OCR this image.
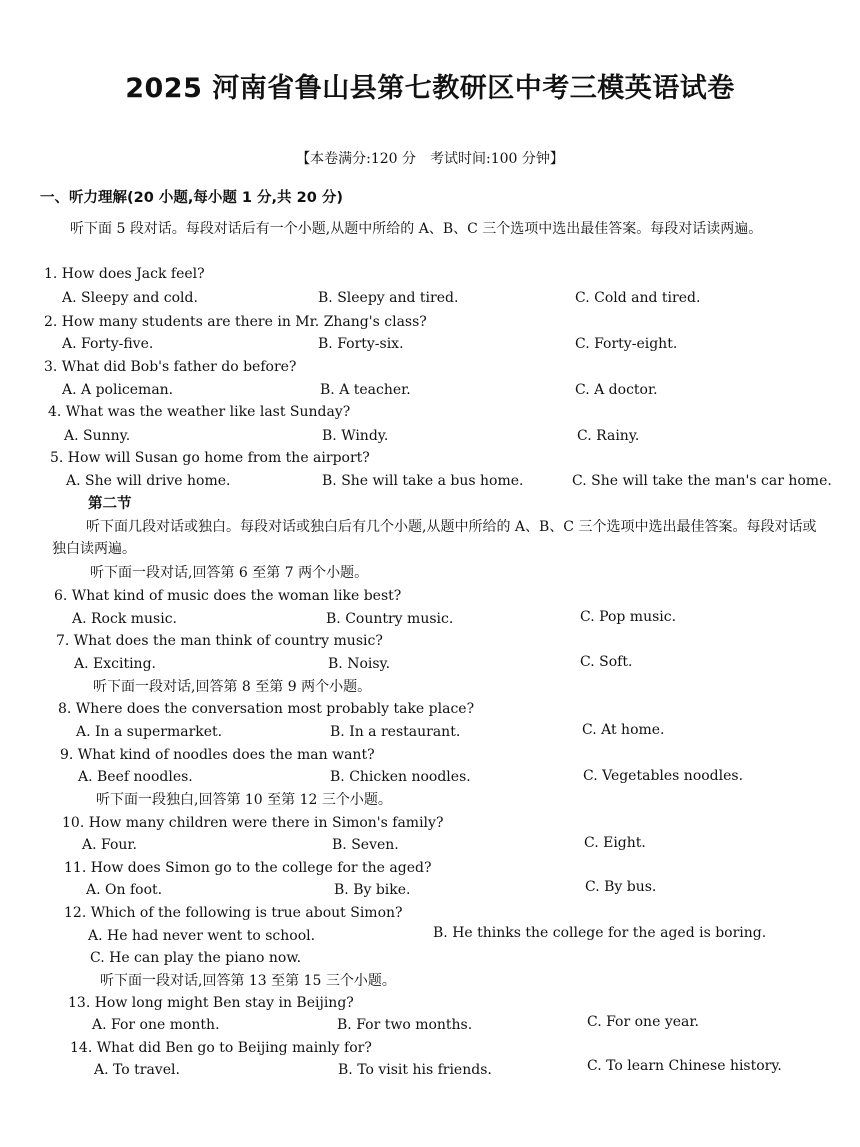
2025 河南省鲁山县第七教研区中考三模英语试卷
【本卷满分:120 分　考试时间:100 分钟】
一、听力理解(20 小题,每小题 1 分,共 20 分)
听下面 5 段对话。每段对话后有一个小题,从题中所给的 A、B、C 三个选项中选出最佳答案。每段对话读两遍。
1. How does Jack feel?
A. Sleepy and cold.	B. Sleepy and tired.	C. Cold and tired.
2. How many students are there in Mr. Zhang's class?
A. Forty-five.	B. Forty-six.	C. Forty-eight.
3. What did Bob's father do before?
A. A policeman.	B. A teacher.	C. A doctor.
4. What was the weather like last Sunday?
A. Sunny.	B. Windy.	C. Rainy.
5. How will Susan go home from the airport?
A. She will drive home.	B. She will take a bus home.	C. She will take the man's car home.
第二节
听下面几段对话或独白。每段对话或独白后有几个小题,从题中所给的 A、B、C 三个选项中选出最佳答案。每段对话或独白读两遍。
听下面一段对话,回答第 6 至第 7 两个小题。
6. What kind of music does the woman like best?
A. Rock music.	B. Country music.	C. Pop music.
7. What does the man think of country music?
A. Exciting.	B. Noisy.	C. Soft.
听下面一段对话,回答第 8 至第 9 两个小题。
8. Where does the conversation most probably take place?
A. In a supermarket.	B. In a restaurant.	C. At home.
9. What kind of noodles does the man want?
A. Beef noodles.	B. Chicken noodles.	C. Vegetables noodles.
听下面一段独白,回答第 10 至第 12 三个小题。
10. How many children were there in Simon's family?
A. Four.	B. Seven.	C. Eight.
11. How does Simon go to the college for the aged?
A. On foot.	B. By bike.	C. By bus.
12. Which of the following is true about Simon?
A. He had never went to school.	B. He thinks the college for the aged is boring.
C. He can play the piano now.
听下面一段对话,回答第 13 至第 15 三个小题。
13. How long might Ben stay in Beijing?
A. For one month.	B. For two months.	C. For one year.
14. What did Ben go to Beijing mainly for?
A. To travel.	B. To visit his friends.	C. To learn Chinese history.
